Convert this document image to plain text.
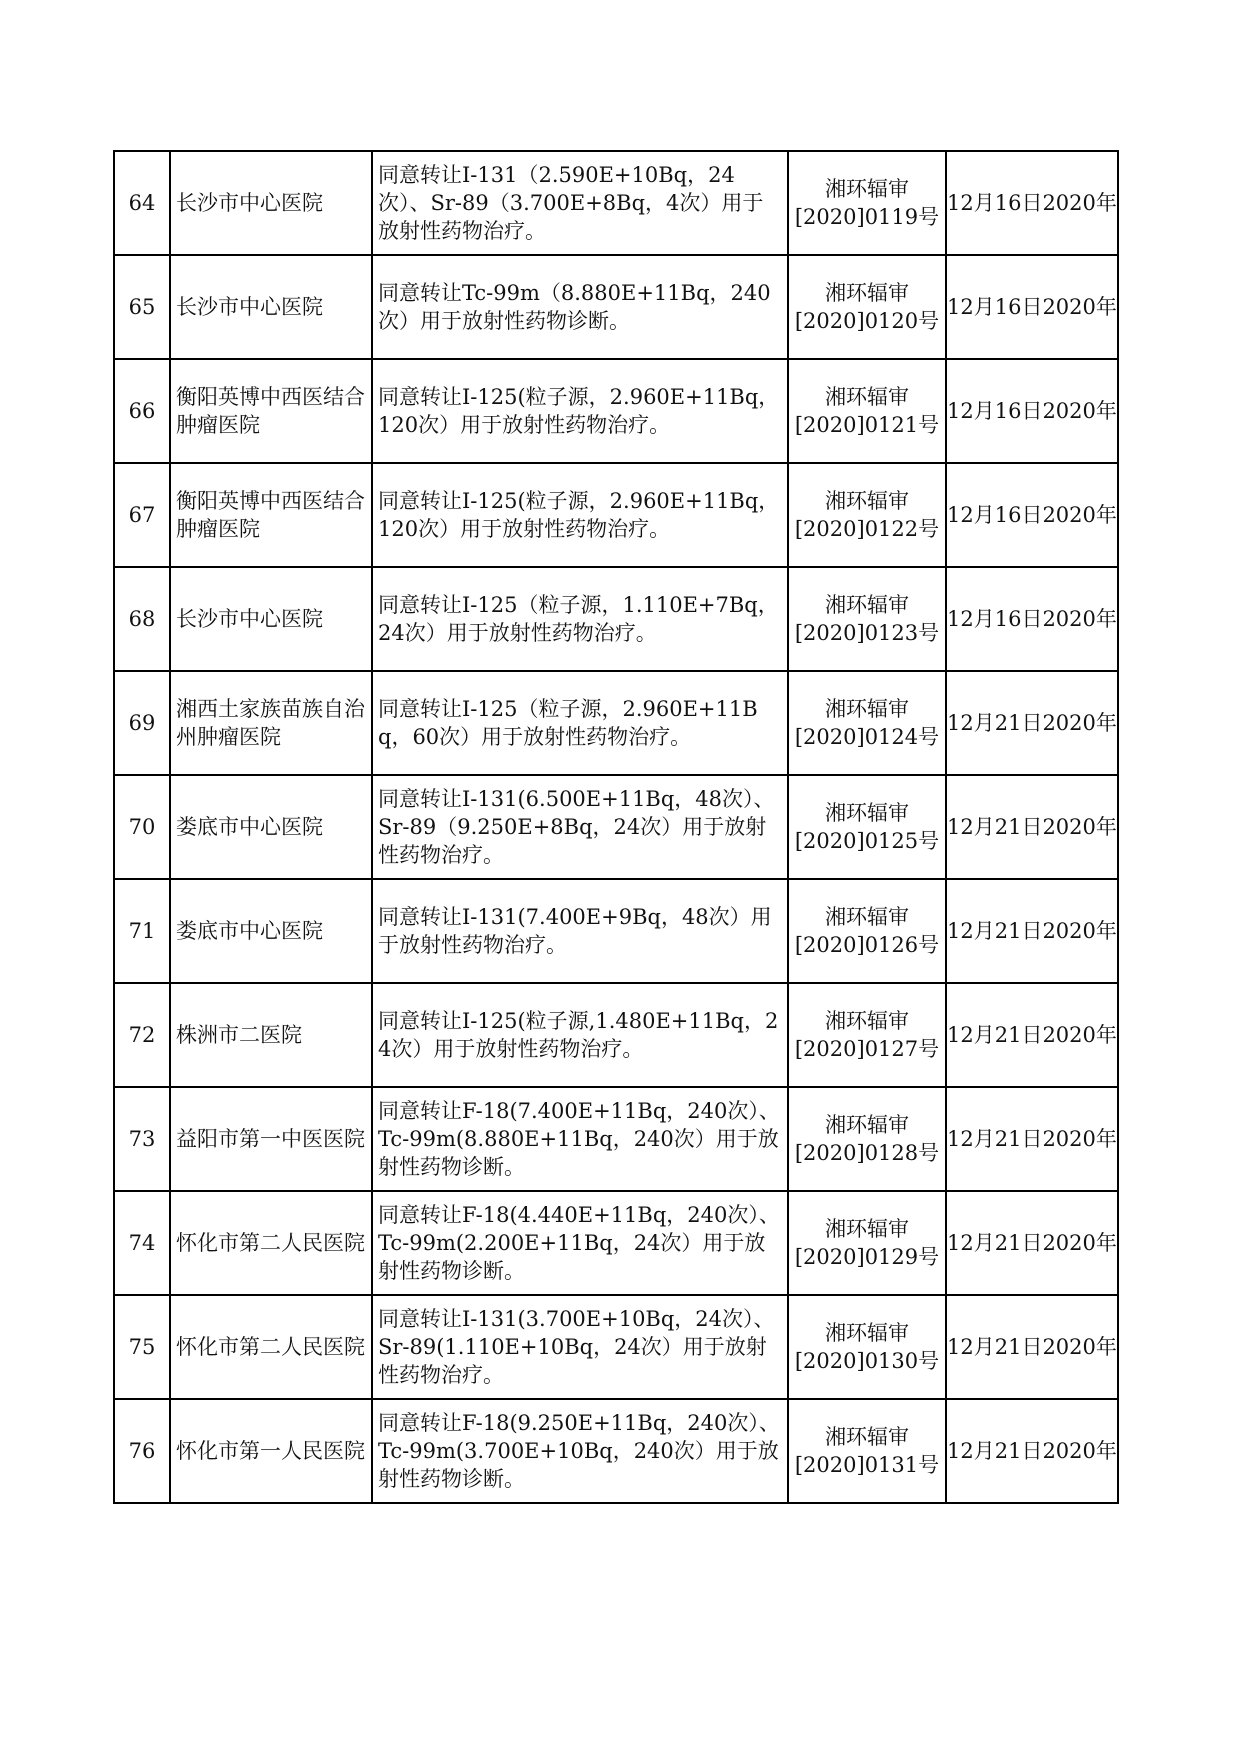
64	长沙市中心医院	同意转让I-131（2.590E+10Bq，24次）、Sr-89（3.700E+8Bq，4次）用于放射性药物治疗。	湘环辐审
[2020]0119号	12月16日2020年
65	长沙市中心医院	同意转让Tc-99m（8.880E+11Bq，240次）用于放射性药物诊断。	湘环辐审
[2020]0120号	12月16日2020年
66	衡阳英博中西医结合肿瘤医院	同意转让I-125(粒子源，2.960E+11Bq，120次）用于放射性药物治疗。	湘环辐审
[2020]0121号	12月16日2020年
67	衡阳英博中西医结合肿瘤医院	同意转让I-125(粒子源，2.960E+11Bq，120次）用于放射性药物治疗。	湘环辐审
[2020]0122号	12月16日2020年
68	长沙市中心医院	同意转让I-125（粒子源，1.110E+7Bq，24次）用于放射性药物治疗。	湘环辐审
[2020]0123号	12月16日2020年
69	湘西土家族苗族自治州肿瘤医院	同意转让I-125（粒子源，2.960E+11Bq，60次）用于放射性药物治疗。	湘环辐审
[2020]0124号	12月21日2020年
70	娄底市中心医院	同意转让I-131(6.500E+11Bq，48次）、Sr-89（9.250E+8Bq，24次）用于放射性药物治疗。	湘环辐审
[2020]0125号	12月21日2020年
71	娄底市中心医院	同意转让I-131(7.400E+9Bq，48次）用于放射性药物治疗。	湘环辐审
[2020]0126号	12月21日2020年
72	株洲市二医院	同意转让I-125(粒子源,1.480E+11Bq，24次）用于放射性药物治疗。	湘环辐审
[2020]0127号	12月21日2020年
73	益阳市第一中医医院	同意转让F-18(7.400E+11Bq，240次）、Tc-99m(8.880E+11Bq，240次）用于放射性药物诊断。	湘环辐审
[2020]0128号	12月21日2020年
74	怀化市第二人民医院	同意转让F-18(4.440E+11Bq，240次）、Tc-99m(2.200E+11Bq，24次）用于放射性药物诊断。	湘环辐审
[2020]0129号	12月21日2020年
75	怀化市第二人民医院	同意转让I-131(3.700E+10Bq，24次）、Sr-89(1.110E+10Bq，24次）用于放射性药物治疗。	湘环辐审
[2020]0130号	12月21日2020年
76	怀化市第一人民医院	同意转让F-18(9.250E+11Bq，240次）、Tc-99m(3.700E+10Bq，240次）用于放射性药物诊断。	湘环辐审
[2020]0131号	12月21日2020年
